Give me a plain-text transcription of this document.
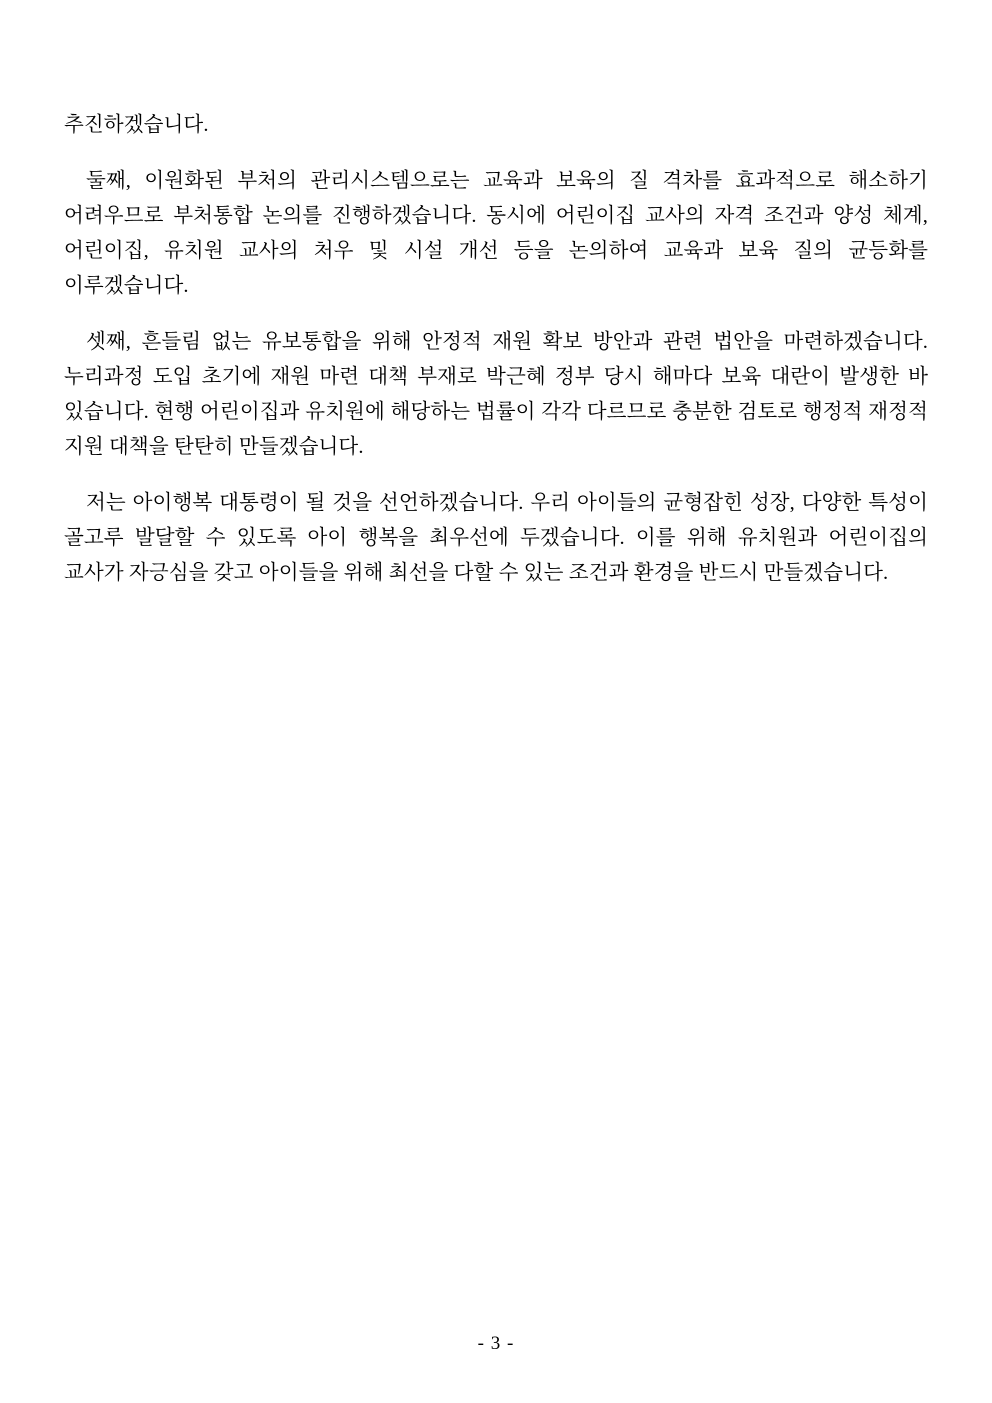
추진하겠습니다.

둘째, 이원화된 부처의 관리시스템으로는 교육과 보육의 질 격차를 효과적으로 해소하기 어려우므로 부처통합 논의를 진행하겠습니다. 동시에 어린이집 교사의 자격 조건과 양성 체계, 어린이집, 유치원 교사의 처우 및 시설 개선 등을 논의하여 교육과 보육 질의 균등화를 이루겠습니다.

셋째, 흔들림 없는 유보통합을 위해 안정적 재원 확보 방안과 관련 법안을 마련하겠습니다. 누리과정 도입 초기에 재원 마련 대책 부재로 박근혜 정부 당시 해마다 보육 대란이 발생한 바 있습니다. 현행 어린이집과 유치원에 해당하는 법률이 각각 다르므로 충분한 검토로 행정적 재정적 지원 대책을 탄탄히 만들겠습니다.

저는 아이행복 대통령이 될 것을 선언하겠습니다. 우리 아이들의 균형잡힌 성장, 다양한 특성이 골고루 발달할 수 있도록 아이 행복을 최우선에 두겠습니다. 이를 위해 유치원과 어린이집의 교사가 자긍심을 갖고 아이들을 위해 최선을 다할 수 있는 조건과 환경을 반드시 만들겠습니다.

- 3 -
